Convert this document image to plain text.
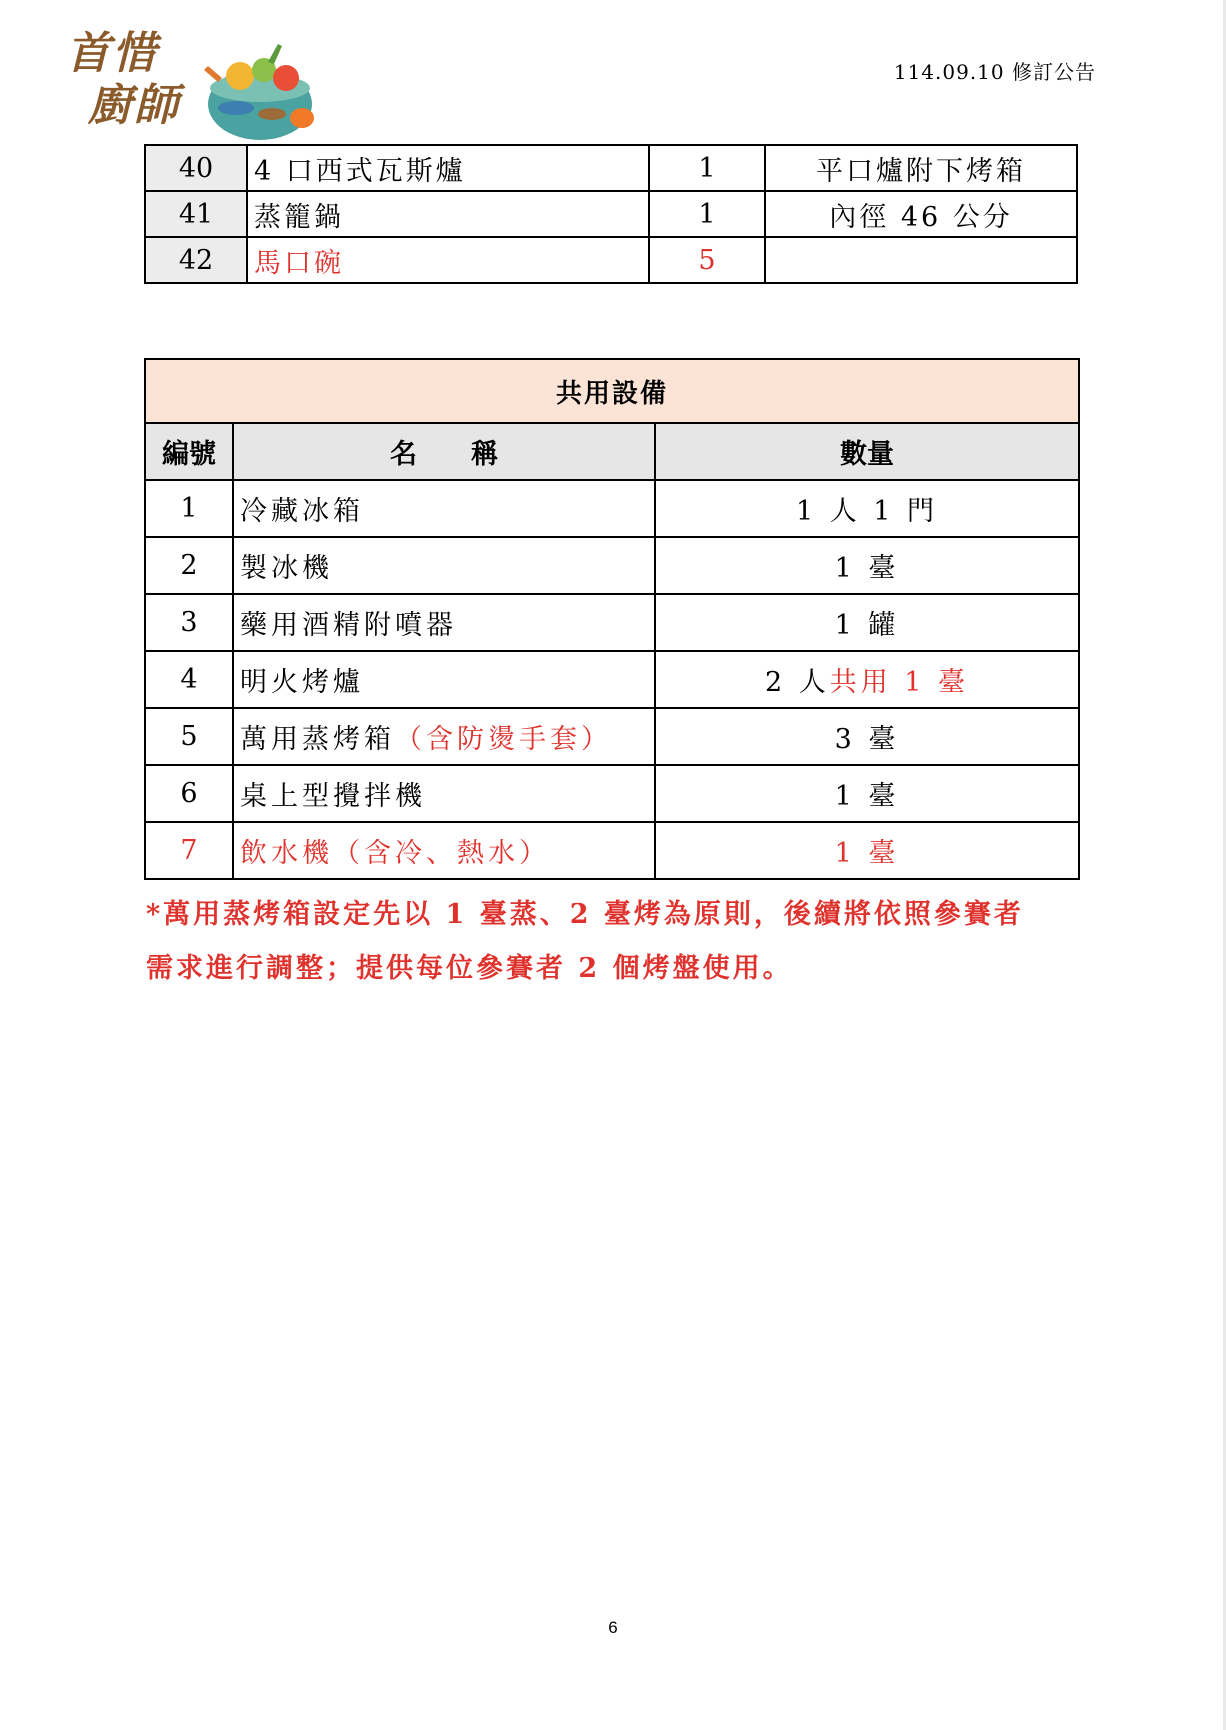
首惜
廚師
114.09.10 修訂公告
40	4 口西式瓦斯爐	1	平口爐附下烤箱
41	蒸籠鍋	1	內徑 46 公分
42	馬口碗	5	
共用設備		
編號	名　　稱	數量
1	冷藏冰箱	1 人 1 門
2	製冰機	1 臺
3	藥用酒精附噴器	1 罐
4	明火烤爐	2 人共用 1 臺
5	萬用蒸烤箱（含防燙手套）	3 臺
6	桌上型攪拌機	1 臺
7	飲水機（含冷、熱水）	1 臺
*萬用蒸烤箱設定先以 1 臺蒸、2 臺烤為原則，後續將依照參賽者
需求進行調整；提供每位參賽者 2 個烤盤使用。
6
